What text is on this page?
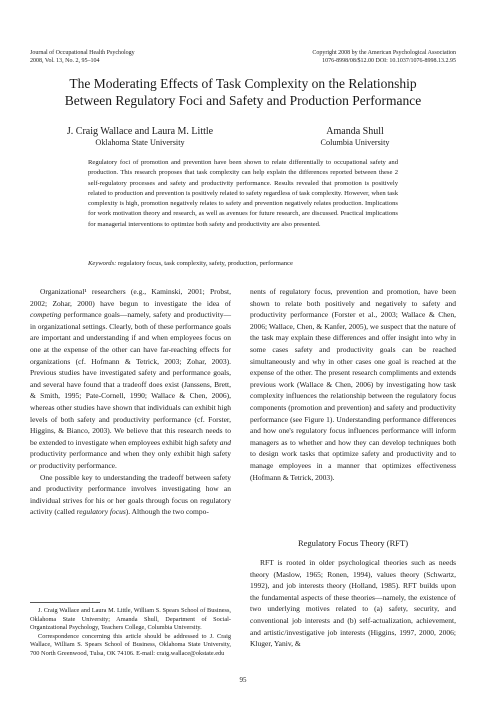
Journal of Occupational Health Psychology
2008, Vol. 13, No. 2, 95–104
Copyright 2008 by the American Psychological Association
1076-8998/08/$12.00 DOI: 10.1037/1076-8998.13.2.95
The Moderating Effects of Task Complexity on the Relationship
Between Regulatory Foci and Safety and Production Performance
J. Craig Wallace and Laura M. Little
Oklahoma State University
Amanda Shull
Columbia University
Regulatory foci of promotion and prevention have been shown to relate differentially to occupational safety and production. This research proposes that task complexity can help explain the differences reported between these 2 self-regulatory processes and safety and productivity performance. Results revealed that promotion is positively related to production and prevention is positively related to safety regardless of task complexity. However, when task complexity is high, promotion negatively relates to safety and prevention negatively relates production. Implications for work motivation theory and research, as well as avenues for future research, are discussed. Practical implications for managerial interventions to optimize both safety and productivity are also presented.
Keywords: regulatory focus, task complexity, safety, production, performance

Organizational¹ researchers (e.g., Kaminski, 2001; Probst, 2002; Zohar, 2000) have begun to investigate the idea of competing performance goals—namely, safety and productivity—in organizational settings. Clearly, both of these performance goals are important and understanding if and when employees focus on one at the expense of the other can have far-reaching effects for organizations (cf. Hofmann & Tetrick, 2003; Zohar, 2003). Previous studies have investigated safety and performance goals, and several have found that a tradeoff does exist (Janssens, Brett, & Smith, 1995; Pate-Cornell, 1990; Wallace & Chen, 2006), whereas other studies have shown that individuals can exhibit high levels of both safety and productivity performance (cf. Forster, Higgins, & Bianco, 2003). We believe that this research needs to be extended to investigate when employees exhibit high safety and productivity performance and when they only exhibit high safety or productivity performance.

One possible key to understanding the tradeoff between safety and productivity performance involves investigating how an individual strives for his or her goals through focus on regulatory activity (called regulatory focus). Although the two compo-

nents of regulatory focus, prevention and promotion, have been shown to relate both positively and negatively to safety and productivity performance (Forster et al., 2003; Wallace & Chen, 2006; Wallace, Chen, & Kanfer, 2005), we suspect that the nature of the task may explain these differences and offer insight into why in some cases safety and productivity goals can be reached simultaneously and why in other cases one goal is reached at the expense of the other. The present research compliments and extends previous work (Wallace & Chen, 2006) by investigating how task complexity influences the relationship between the regulatory focus components (promotion and prevention) and safety and productivity performance (see Figure 1). Understanding performance differences and how one's regulatory focus influences performance will inform managers as to whether and how they can develop techniques both to design work tasks that optimize safety and productivity and to manage employees in a manner that optimizes effectiveness (Hofmann & Tetrick, 2003).

Regulatory Focus Theory (RFT)

RFT is rooted in older psychological theories such as needs theory (Maslow, 1965; Ronen, 1994), values theory (Schwartz, 1992), and job interests theory (Holland, 1985). RFT builds upon the fundamental aspects of these theories—namely, the existence of two underlying motives related to (a) safety, security, and conventional job interests and (b) self-actualization, achievement, and artistic/investigative job interests (Higgins, 1997, 2000, 2006; Kluger, Yaniv, &

J. Craig Wallace and Laura M. Little, William S. Spears School of Business, Oklahoma State University; Amanda Shull, Department of Social-Organizational Psychology, Teachers College, Columbia University.

Correspondence concerning this article should be addressed to J. Craig Wallace, William S. Spears School of Business, Oklahoma State University, 700 North Greenwood, Tulsa, OK 74106. E-mail: craig.wallace@okstate.edu

95
